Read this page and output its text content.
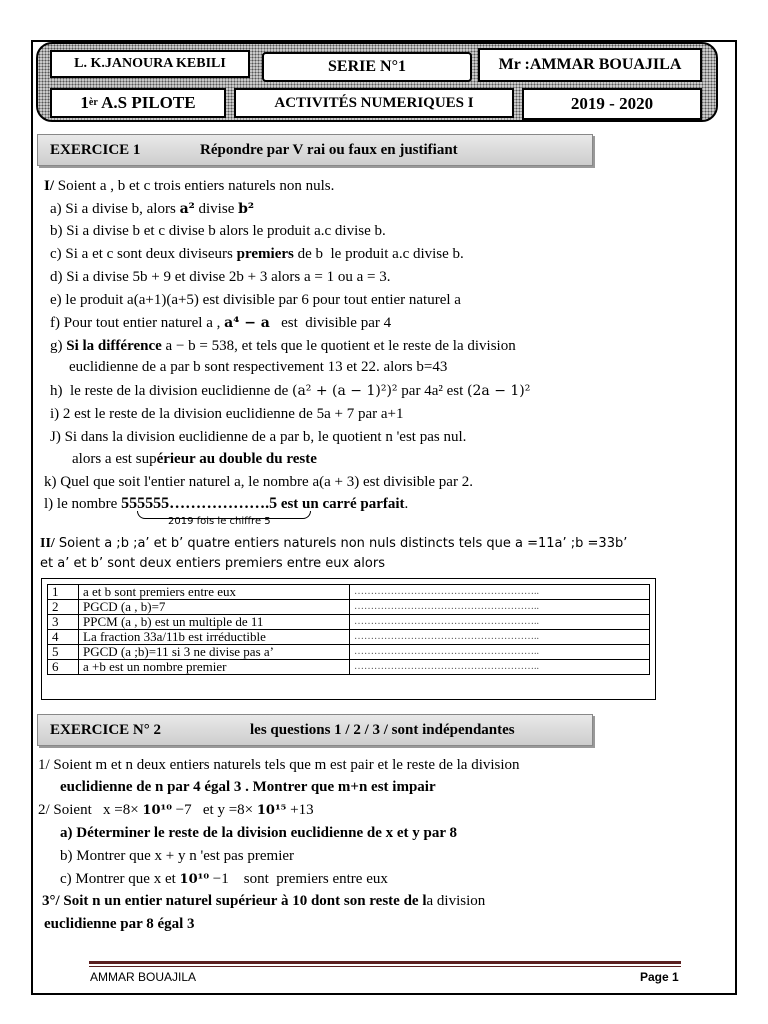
L. K.JANOURA KEBILI	SERIE N°1	Mr :AMMAR BOUAJILA
1 èr A.S PILOTE	ACTIVITÉS NUMERIQUES I	2019 - 2020
EXERCICE 1	Répondre par V rai ou faux en justifiant
I/ Soient a , b et c trois entiers naturels non nuls.
a) Si a divise b, alors a² divise b²
b) Si a divise b et c divise b alors le produit a.c divise b.
c) Si a et c sont deux diviseurs premiers de b  le produit a.c divise b.
d) Si a divise 5b + 9 et divise 2b + 3 alors a = 1 ou a = 3.
e) le produit a(a+1)(a+5) est divisible par 6 pour tout entier naturel a
f) Pour tout entier naturel a , a⁴ − a   est  divisible par 4
g) Si la différence a − b = 538, et tels que le quotient et le reste de la division
euclidienne de a par b sont respectivement 13 et 22. alors b=43
h)  le reste de la division euclidienne de (a² + (a − 1)²)² par 4a² est (2a − 1)²
i) 2 est le reste de la division euclidienne de 5a + 7 par a+1
J) Si dans la division euclidienne de a par b, le quotient n 'est pas nul.
alors a est supérieur au double du reste
k) Quel que soit l'entier naturel a, le nombre a(a + 3) est divisible par 2.
l) le nombre 555555……………….5 est un carré parfait.
2019 fois le chiffre 5
II/ Soient a ;b ;a’ et b’ quatre entiers naturels non nuls distincts tels que a =11a’ ;b =33b’
et a’ et b’ sont deux entiers premiers entre eux alors
1	a et b sont premiers entre eux	………………………………………………..
2	PGCD (a , b)=7	………………………………………………..
3	PPCM (a , b) est un multiple de 11	………………………………………………..
4	La fraction 33a/11b est irréductible	………………………………………………..
5	PGCD (a ;b)=11 si 3 ne divise pas a’	………………………………………………..
6	a +b est un nombre premier	………………………………………………..
EXERCICE N° 2	les questions 1 / 2 / 3 / sont indépendantes
1/ Soient m et n deux entiers naturels tels que m est pair et le reste de la division
euclidienne de n par 4 égal 3 . Montrer que m+n est impair
2/ Soient   x =8× 10¹⁰ −7   et y =8× 10¹⁵ +13
a) Déterminer le reste de la division euclidienne de x et y par 8
b) Montrer que x + y n 'est pas premier
c) Montrer que x et 10¹⁰ −1    sont  premiers entre eux
3°/ Soit n un entier naturel supérieur à 10 dont son reste de la division
euclidienne par 8 égal 3
AMMAR BOUAJILA	Page 1
